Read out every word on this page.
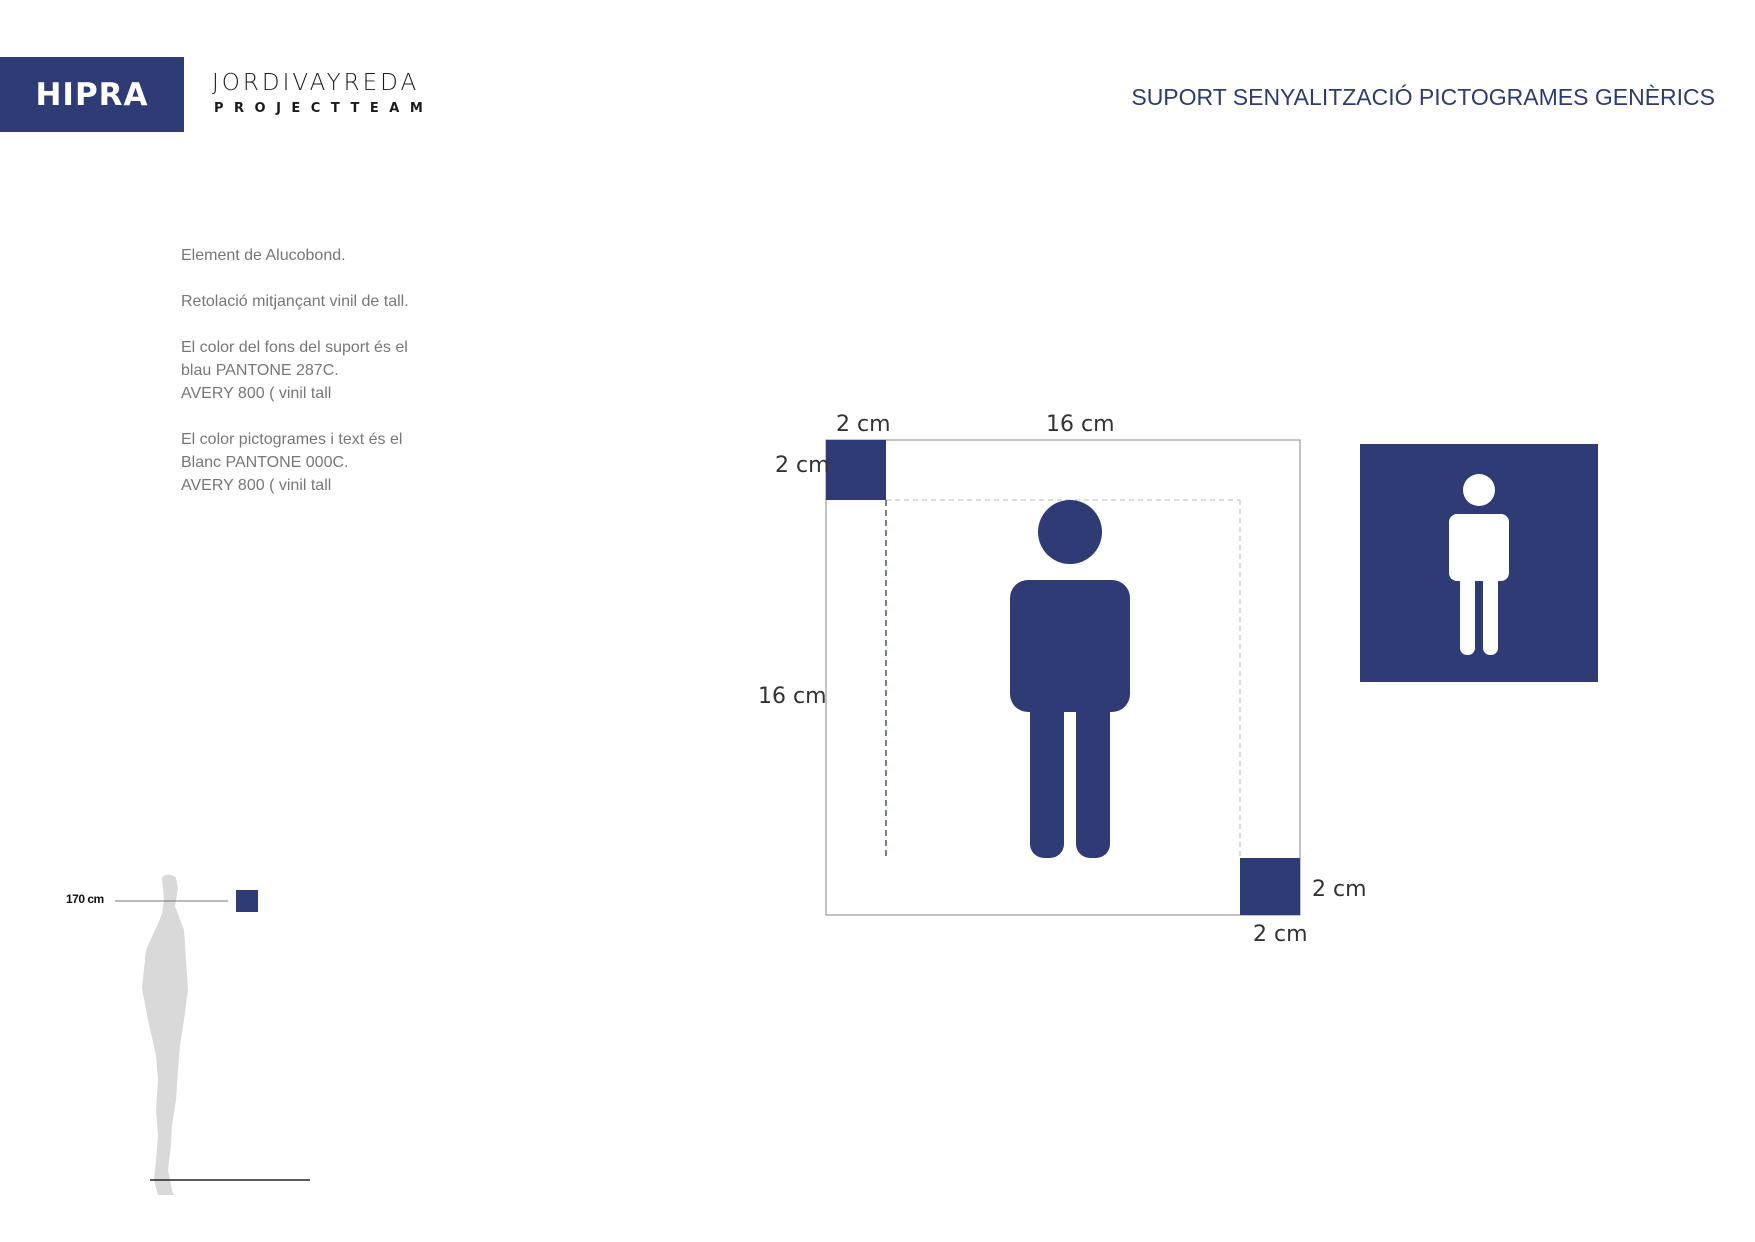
HIPRA	JORDIVAYREDA
PROJECTTEAM	SUPORT SENYALITZACIÓ PICTOGRAMES GENÈRICS

Element de Alucobond.

Retolació mitjançant vinil de tall.

El color del fons del suport és el
blau PANTONE 287C.
AVERY 800 ( vinil tall

El color pictogrames i text és el
Blanc PANTONE 000C.
AVERY 800 ( vinil tall

170 cm
2 cm	16 cm
2 cm
16 cm
2 cm
2 cm
